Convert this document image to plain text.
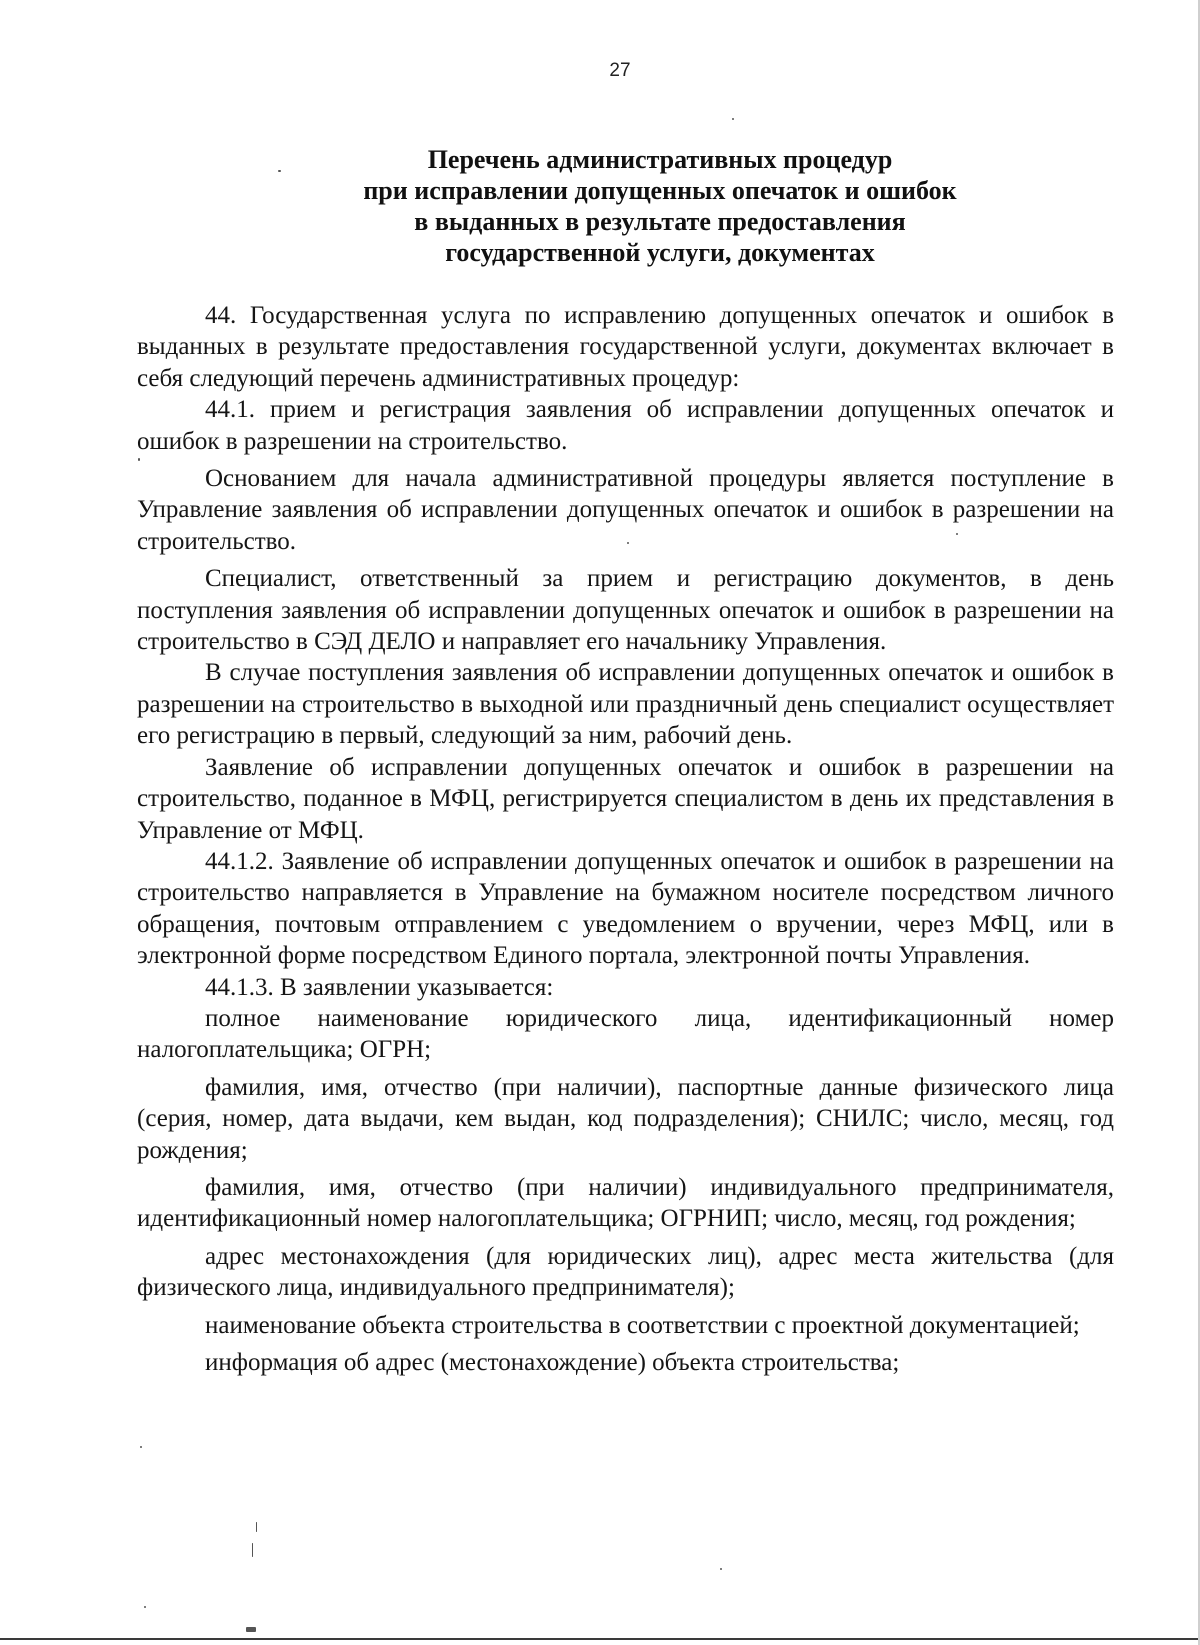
27
Перечень административных процедур
при исправлении допущенных опечаток и ошибок
в выданных в результате предоставления
государственной услуги, документах

44. Государственная услуга по исправлению допущенных опечаток и ошибок в выданных в результате предоставления государственной услуги, документах включает в себя следующий перечень административных процедур:

44.1. прием и регистрация заявления об исправлении допущенных опечаток и ошибок в разрешении на строительство.

Основанием для начала административной процедуры является поступление в Управление заявления об исправлении допущенных опечаток и ошибок в разрешении на строительство.

Специалист, ответственный за прием и регистрацию документов, в день поступления заявления об исправлении допущенных опечаток и ошибок в разрешении на строительство в СЭД ДЕЛО и направляет его начальнику Управления.

В случае поступления заявления об исправлении допущенных опечаток и ошибок в разрешении на строительство в выходной или праздничный день специалист осуществляет его регистрацию в первый, следующий за ним, рабочий день.

Заявление об исправлении допущенных опечаток и ошибок в разрешении на строительство, поданное в МФЦ, регистрируется специалистом в день их представления в Управление от МФЦ.

44.1.2. Заявление об исправлении допущенных опечаток и ошибок в разрешении на строительство направляется в Управление на бумажном носителе посредством личного обращения, почтовым отправлением с уведомлением о вручении, через МФЦ, или в электронной форме посредством Единого портала, электронной почты Управления.

44.1.3. В заявлении указывается:

полное наименование юридического лица, идентификационный номер налогоплательщика; ОГРН;

фамилия, имя, отчество (при наличии), паспортные данные физического лица (серия, номер, дата выдачи, кем выдан, код подразделения); СНИЛС; число, месяц, год рождения;

фамилия, имя, отчество (при наличии) индивидуального предпринимателя, идентификационный номер налогоплательщика; ОГРНИП; число, месяц, год рождения;

адрес местонахождения (для юридических лиц), адрес места жительства (для физического лица, индивидуального предпринимателя);

наименование объекта строительства в соответствии с проектной документацией;

информация об адрес (местонахождение) объекта строительства;
